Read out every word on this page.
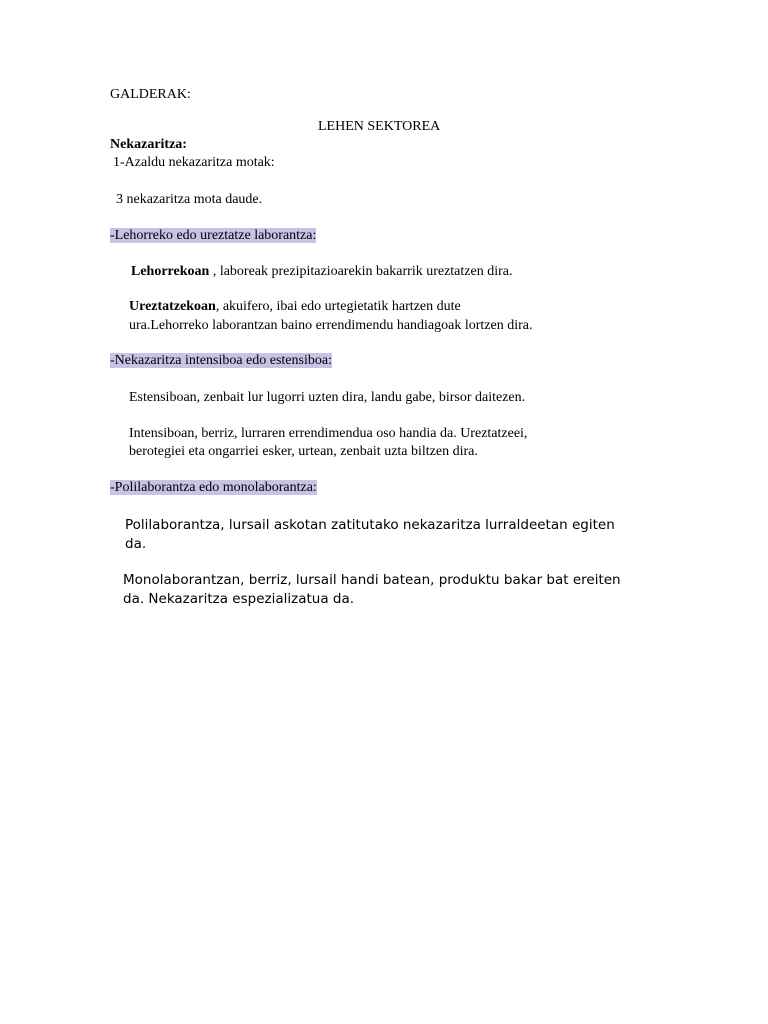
GALDERAK:
LEHEN SEKTOREA
Nekazaritza:
1-Azaldu nekazaritza motak:
3 nekazaritza mota daude.
-Lehorreko edo ureztatze laborantza:
Lehorrekoan , laboreak prezipitazioarekin bakarrik ureztatzen dira.
Ureztatzekoan, akuifero, ibai edo urtegietatik hartzen dute
ura.Lehorreko laborantzan baino errendimendu handiagoak lortzen dira.
-Nekazaritza intensiboa edo estensiboa:
Estensiboan, zenbait lur lugorri uzten dira, landu gabe, birsor daitezen.
Intensiboan, berriz, lurraren errendimendua oso handia da. Ureztatzeei,
berotegiei eta ongarriei esker, urtean, zenbait uzta biltzen dira.
-Polilaborantza edo monolaborantza:
Polilaborantza, lursail askotan zatitutako nekazaritza lurraldeetan egiten
da.
Monolaborantzan, berriz, lursail handi batean, produktu bakar bat ereiten
da. Nekazaritza espezializatua da.
